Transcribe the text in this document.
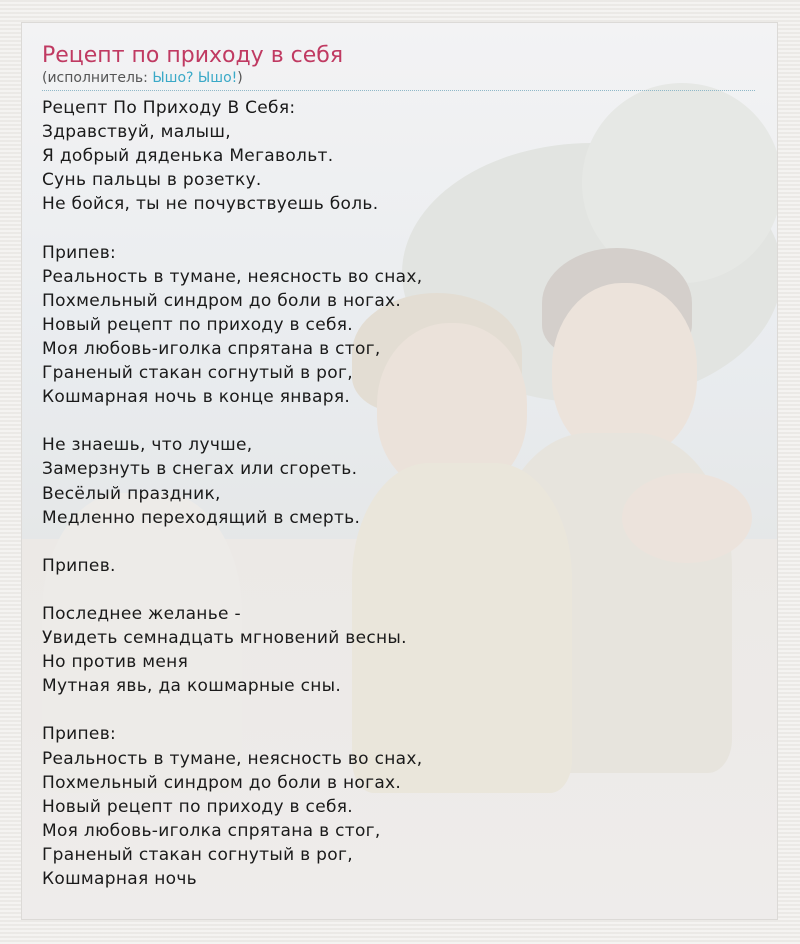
Рецепт по приходу в себя
(исполнитель: Ышо? Ышо!)
Рецепт По Приходу В Себя:
Здравствуй, малыш,
Я добрый дяденька Мегавольт.
Сунь пальцы в розетку.
Не бойся, ты не почувствуешь боль.
Припев:
Реальность в тумане, неясность во снах,
Похмельный синдром до боли в ногах.
Новый рецепт по приходу в себя.
Моя любовь-иголка спрятана в стог,
Граненый стакан согнутый в рог,
Кошмарная ночь в конце января.
Не знаешь, что лучше,
Замерзнуть в снегах или сгореть.
Весёлый праздник,
Медленно переходящий в смерть.
Припев.
Последнее желанье -
Увидеть семнадцать мгновений весны.
Но против меня
Мутная явь, да кошмарные сны.
Припев:
Реальность в тумане, неясность во снах,
Похмельный синдром до боли в ногах.
Новый рецепт по приходу в себя.
Моя любовь-иголка спрятана в стог,
Граненый стакан согнутый в рог,
Кошмарная ночь
